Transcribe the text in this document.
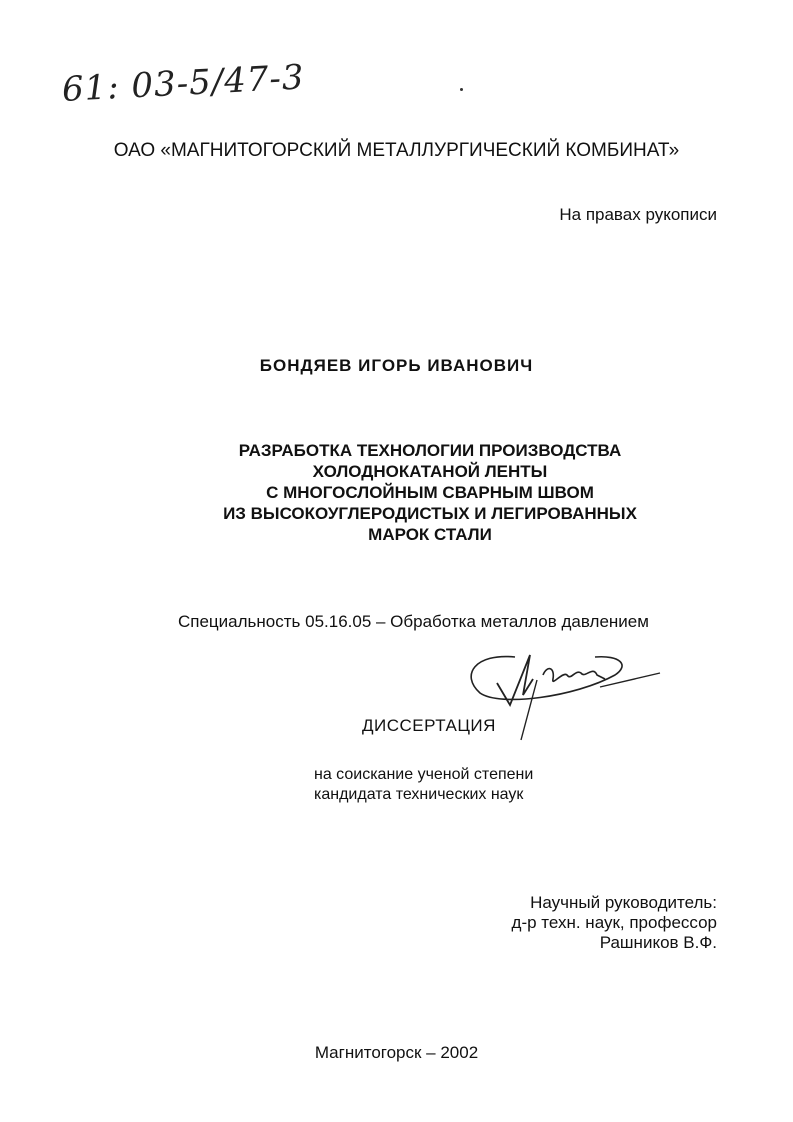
61: 03-5/47-3
ОАО «МАГНИТОГОРСКИЙ МЕТАЛЛУРГИЧЕСКИЙ КОМБИНАТ»
На правах рукописи
БОНДЯЕВ ИГОРЬ ИВАНОВИЧ
РАЗРАБОТКА ТЕХНОЛОГИИ ПРОИЗВОДСТВА
ХОЛОДНОКАТАНОЙ ЛЕНТЫ
С МНОГОСЛОЙНЫМ СВАРНЫМ ШВОМ
ИЗ ВЫСОКОУГЛЕРОДИСТЫХ И ЛЕГИРОВАННЫХ
МАРОК СТАЛИ
Специальность 05.16.05 – Обработка металлов давлением
ДИССЕРТАЦИЯ
на соискание ученой степени
кандидата технических наук
Научный руководитель:
д-р техн. наук, профессор
Рашников В.Ф.
Магнитогорск – 2002
